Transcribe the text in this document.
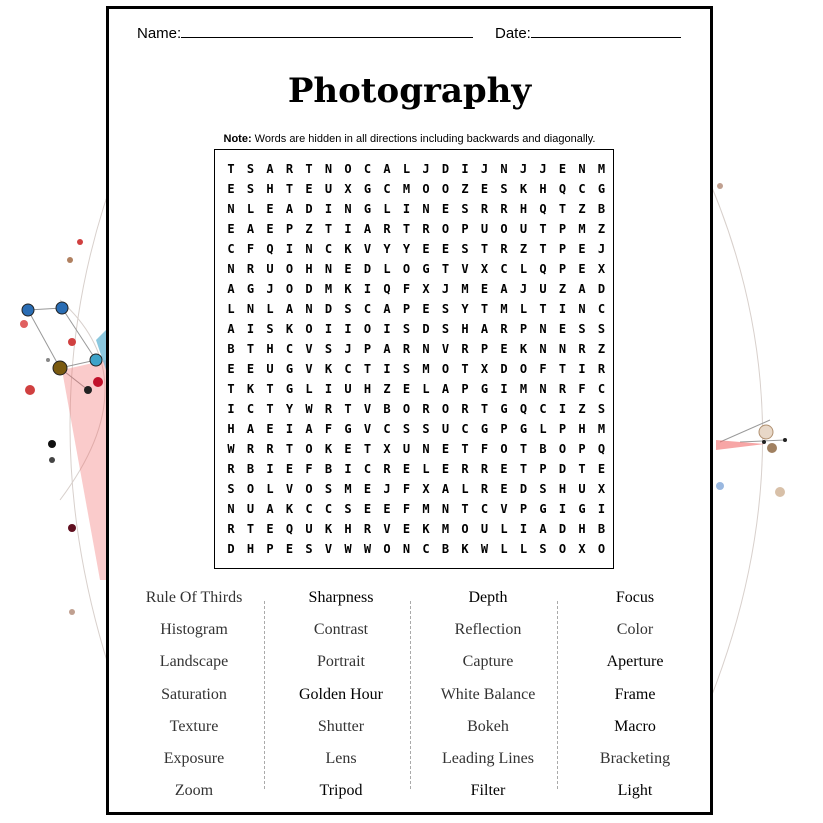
Name:	Date:
Photography
Note: Words are hidden in all directions including backwards and diagonally.
T	S	A	R	T	N	O	C	A	L	J	D	I	J	N	J	J	E	N	M
E	S	H	T	E	U	X	G	C	M	O	O	Z	E	S	K	H	Q	C	G
N	L	E	A	D	I	N	G	L	I	N	E	S	R	R	H	Q	T	Z	B
E	A	E	P	Z	T	I	A	R	T	R	O	P	U	O	U	T	P	M	Z
C	F	Q	I	N	C	K	V	Y	Y	E	E	S	T	R	Z	T	P	E	J
N	R	U	O	H	N	E	D	L	O	G	T	V	X	C	L	Q	P	E	X
A	G	J	O	D	M	K	I	Q	F	X	J	M	E	A	J	U	Z	A	D
L	N	L	A	N	D	S	C	A	P	E	S	Y	T	M	L	T	I	N	C
A	I	S	K	O	I	I	O	I	S	D	S	H	A	R	P	N	E	S	S
B	T	H	C	V	S	J	P	A	R	N	V	R	P	E	K	N	N	R	Z
E	E	U	G	V	K	C	T	I	S	M	O	T	X	D	O	F	T	I	R
T	K	T	G	L	I	U	H	Z	E	L	A	P	G	I	M	N	R	F	C
I	C	T	Y	W	R	T	V	B	O	R	O	R	T	G	Q	C	I	Z	S
H	A	E	I	A	F	G	V	C	S	S	U	C	G	P	G	L	P	H	M
W	R	R	T	O	K	E	T	X	U	N	E	T	F	O	T	B	O	P	Q
R	B	I	E	F	B	I	C	R	E	L	E	R	R	E	T	P	D	T	E
S	O	L	V	O	S	M	E	J	F	X	A	L	R	E	D	S	H	U	X
N	U	A	K	C	C	S	E	E	F	M	N	T	C	V	P	G	I	G	I
R	T	E	Q	U	K	H	R	V	E	K	M	O	U	L	I	A	D	H	B
D	H	P	E	S	V	W	W	O	N	C	B	K	W	L	L	S	O	X	O
Rule Of Thirds
Histogram
Landscape
Saturation
Texture
Exposure
Zoom
Sharpness
Contrast
Portrait
Golden Hour
Shutter
Lens
Tripod
Depth
Reflection
Capture
White Balance
Bokeh
Leading Lines
Filter
Focus
Color
Aperture
Frame
Macro
Bracketing
Light
